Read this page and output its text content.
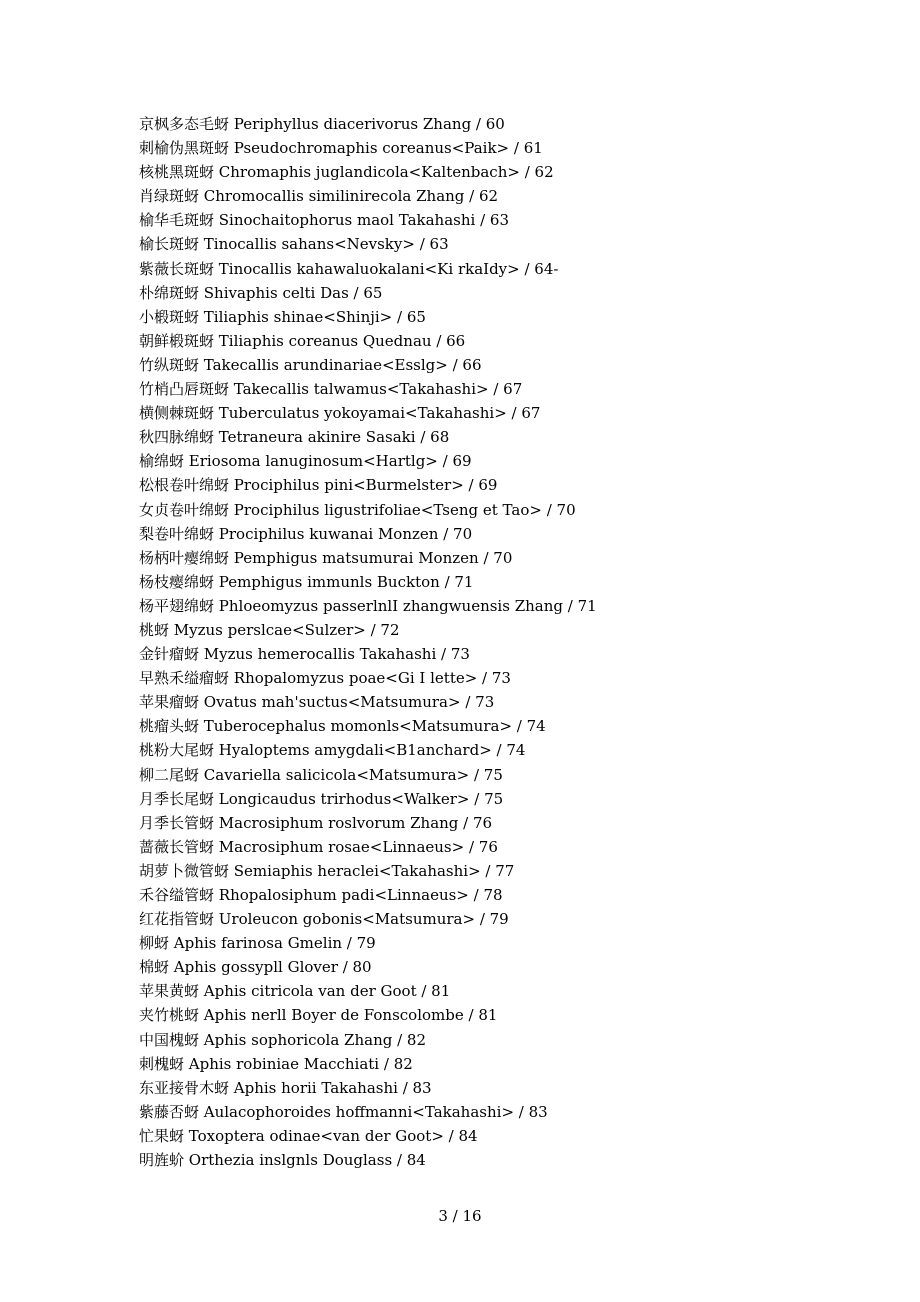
京枫多态毛蚜 Periphyllus diacerivorus Zhang / 60
刺榆伪黑斑蚜 Pseudochromaphis coreanus<Paik> / 61
核桃黑斑蚜 Chromaphis juglandicola<Kaltenbach> / 62
肖绿斑蚜 Chromocallis similinirecola Zhang / 62
榆华毛斑蚜 Sinochaitophorus maol Takahashi / 63
榆长斑蚜 Tinocallis sahans<Nevsky> / 63
紫薇长斑蚜 Tinocallis kahawaluokalani<Ki rkaIdy> / 64-
朴绵斑蚜 Shivaphis celti Das / 65
小椴斑蚜 Tiliaphis shinae<Shinji> / 65
朝鲜椴斑蚜 Tiliaphis coreanus Quednau / 66
竹纵斑蚜 Takecallis arundinariae<Esslg> / 66
竹梢凸唇斑蚜 Takecallis talwamus<Takahashi> / 67
横侧棘斑蚜 Tuberculatus yokoyamai<Takahashi> / 67
秋四脉绵蚜 Tetraneura akinire Sasaki / 68
榆绵蚜 Eriosoma lanuginosum<Hartlg> / 69
松根卷叶绵蚜 Prociphilus pini<Burmelster> / 69
女贞卷叶绵蚜 Prociphilus ligustrifoliae<Tseng et Tao> / 70
梨卷叶绵蚜 Prociphilus kuwanai Monzen / 70
杨柄叶瘿绵蚜 Pemphigus matsumurai Monzen / 70
杨枝瘿绵蚜 Pemphigus immunls Buckton / 71
杨平翅绵蚜 Phloeomyzus passerlnlI zhangwuensis Zhang / 71
桃蚜 Myzus perslcae<Sulzer> / 72
金针瘤蚜 Myzus hemerocallis Takahashi / 73
早熟禾缢瘤蚜 Rhopalomyzus poae<Gi I lette> / 73
苹果瘤蚜 Ovatus mah'suctus<Matsumura> / 73
桃瘤头蚜 Tuberocephalus momonls<Matsumura> / 74
桃粉大尾蚜 Hyaloptems amygdali<B1anchard> / 74
柳二尾蚜 Cavariella salicicola<Matsumura> / 75
月季长尾蚜 Longicaudus trirhodus<Walker> / 75
月季长管蚜 Macrosiphum roslvorum Zhang / 76
蔷薇长管蚜 Macrosiphum rosae<Linnaeus> / 76
胡萝卜微管蚜 Semiaphis heraclei<Takahashi> / 77
禾谷缢管蚜 Rhopalosiphum padi<Linnaeus> / 78
红花指管蚜 Uroleucon gobonis<Matsumura> / 79
柳蚜 Aphis farinosa Gmelin / 79
棉蚜 Aphis gossypll Glover / 80
苹果黄蚜 Aphis citricola van der Goot / 81
夹竹桃蚜 Aphis nerll Boyer de Fonscolombe / 81
中国槐蚜 Aphis sophoricola Zhang / 82
刺槐蚜 Aphis robiniae Macchiati / 82
东亚接骨木蚜 Aphis horii Takahashi / 83
紫藤否蚜 Aulacophoroides hoffmanni<Takahashi> / 83
忙果蚜 Toxoptera odinae<van der Goot> / 84
明旌蚧 Orthezia inslgnls Douglass / 84
3 / 16
